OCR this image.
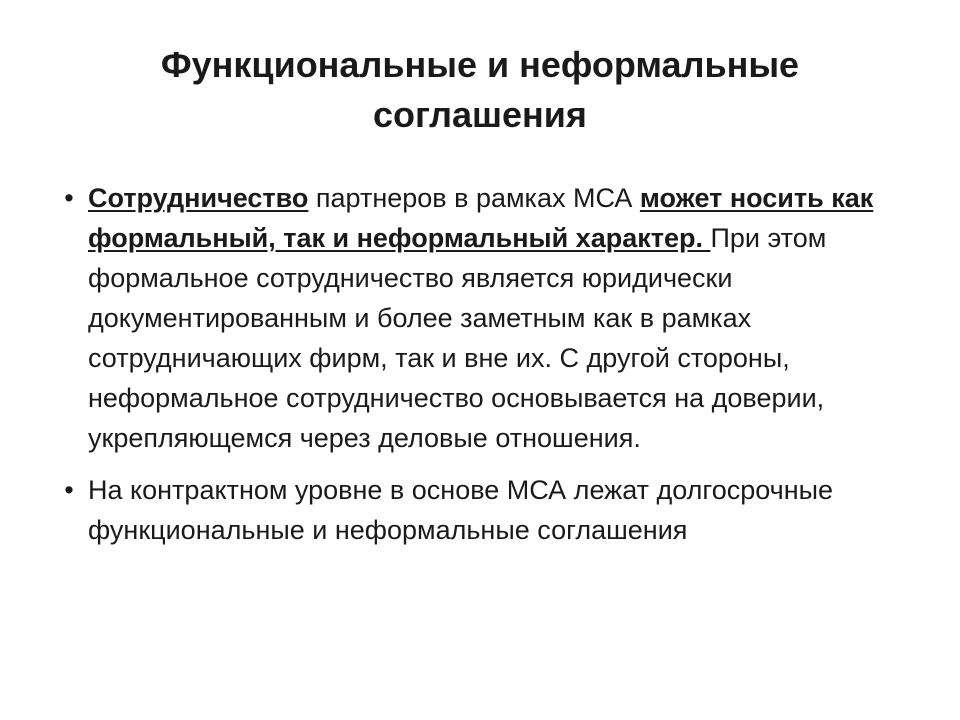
Функциональные и неформальные соглашения
• Сотрудничество партнеров в рамках МСА может носить как формальный, так и неформальный характер. При этом формальное сотрудничество является юридически документированным и более заметным как в рамках сотрудничающих фирм, так и вне их. С другой стороны, неформальное сотрудничество основывается на доверии, укрепляющемся через деловые отношения.
• На контрактном уровне в основе МСА лежат долгосрочные функциональные и неформальные соглашения
